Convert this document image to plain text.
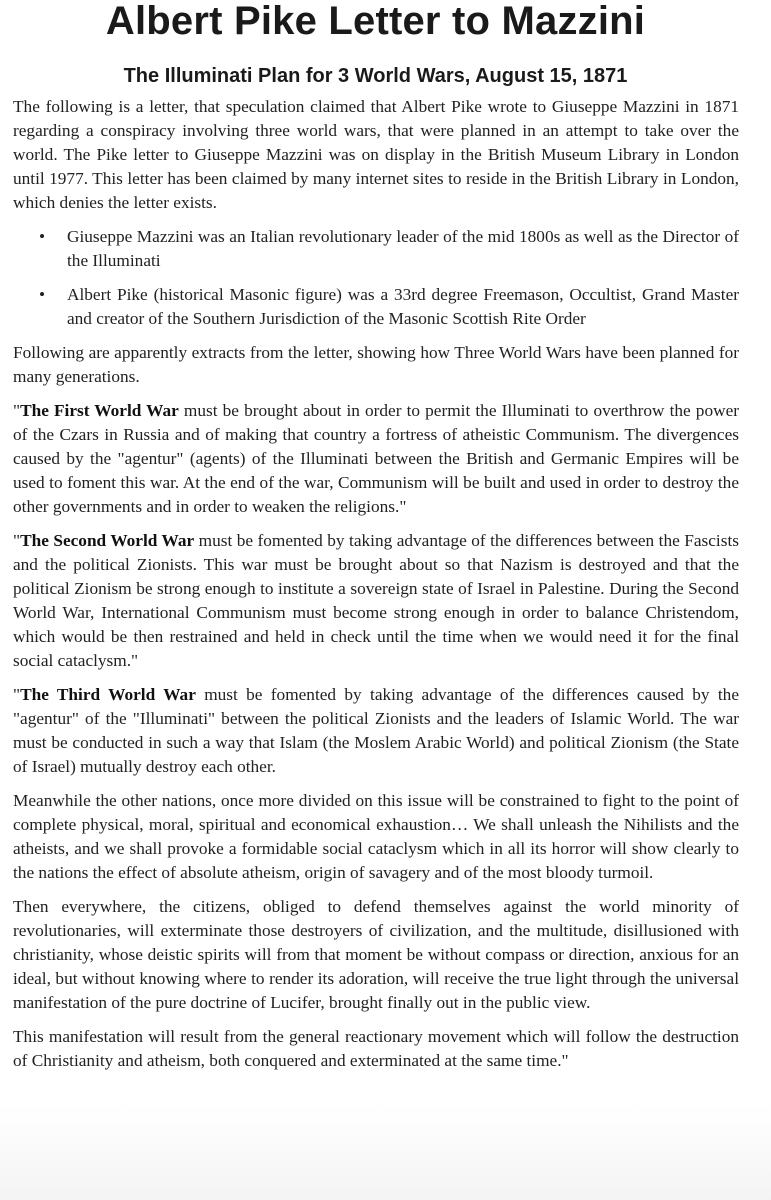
Albert Pike Letter to Mazzini
The Illuminati Plan for 3 World Wars, August 15, 1871

The following is a letter, that speculation claimed that Albert Pike wrote to Giuseppe Mazzini in 1871 regarding a conspiracy involving three world wars, that were planned in an attempt to take over the world. The Pike letter to Giuseppe Mazzini was on display in the British Museum Library in London until 1977. This letter has been claimed by many internet sites to reside in the British Library in London, which denies the letter exists.

• Giuseppe Mazzini was an Italian revolutionary leader of the mid 1800s as well as the Director of the Illuminati
• Albert Pike (historical Masonic figure) was a 33rd degree Freemason, Occultist, Grand Master and creator of the Southern Jurisdiction of the Masonic Scottish Rite Order

Following are apparently extracts from the letter, showing how Three World Wars have been planned for many generations.

"The First World War must be brought about in order to permit the Illuminati to overthrow the power of the Czars in Russia and of making that country a fortress of atheistic Communism. The divergences caused by the "agentur" (agents) of the Illuminati between the British and Germanic Empires will be used to foment this war. At the end of the war, Communism will be built and used in order to destroy the other governments and in order to weaken the religions."

"The Second World War must be fomented by taking advantage of the differences between the Fascists and the political Zionists. This war must be brought about so that Nazism is destroyed and that the political Zionism be strong enough to institute a sovereign state of Israel in Palestine. During the Second World War, International Communism must become strong enough in order to balance Christendom, which would be then restrained and held in check until the time when we would need it for the final social cataclysm."

"The Third World War must be fomented by taking advantage of the differences caused by the "agentur" of the "Illuminati" between the political Zionists and the leaders of Islamic World. The war must be conducted in such a way that Islam (the Moslem Arabic World) and political Zionism (the State of Israel) mutually destroy each other.

Meanwhile the other nations, once more divided on this issue will be constrained to fight to the point of complete physical, moral, spiritual and economical exhaustion… We shall unleash the Nihilists and the atheists, and we shall provoke a formidable social cataclysm which in all its horror will show clearly to the nations the effect of absolute atheism, origin of savagery and of the most bloody turmoil.

Then everywhere, the citizens, obliged to defend themselves against the world minority of revolutionaries, will exterminate those destroyers of civilization, and the multitude, disillusioned with christianity, whose deistic spirits will from that moment be without compass or direction, anxious for an ideal, but without knowing where to render its adoration, will receive the true light through the universal manifestation of the pure doctrine of Lucifer, brought finally out in the public view.

This manifestation will result from the general reactionary movement which will follow the destruction of Christianity and atheism, both conquered and exterminated at the same time."
